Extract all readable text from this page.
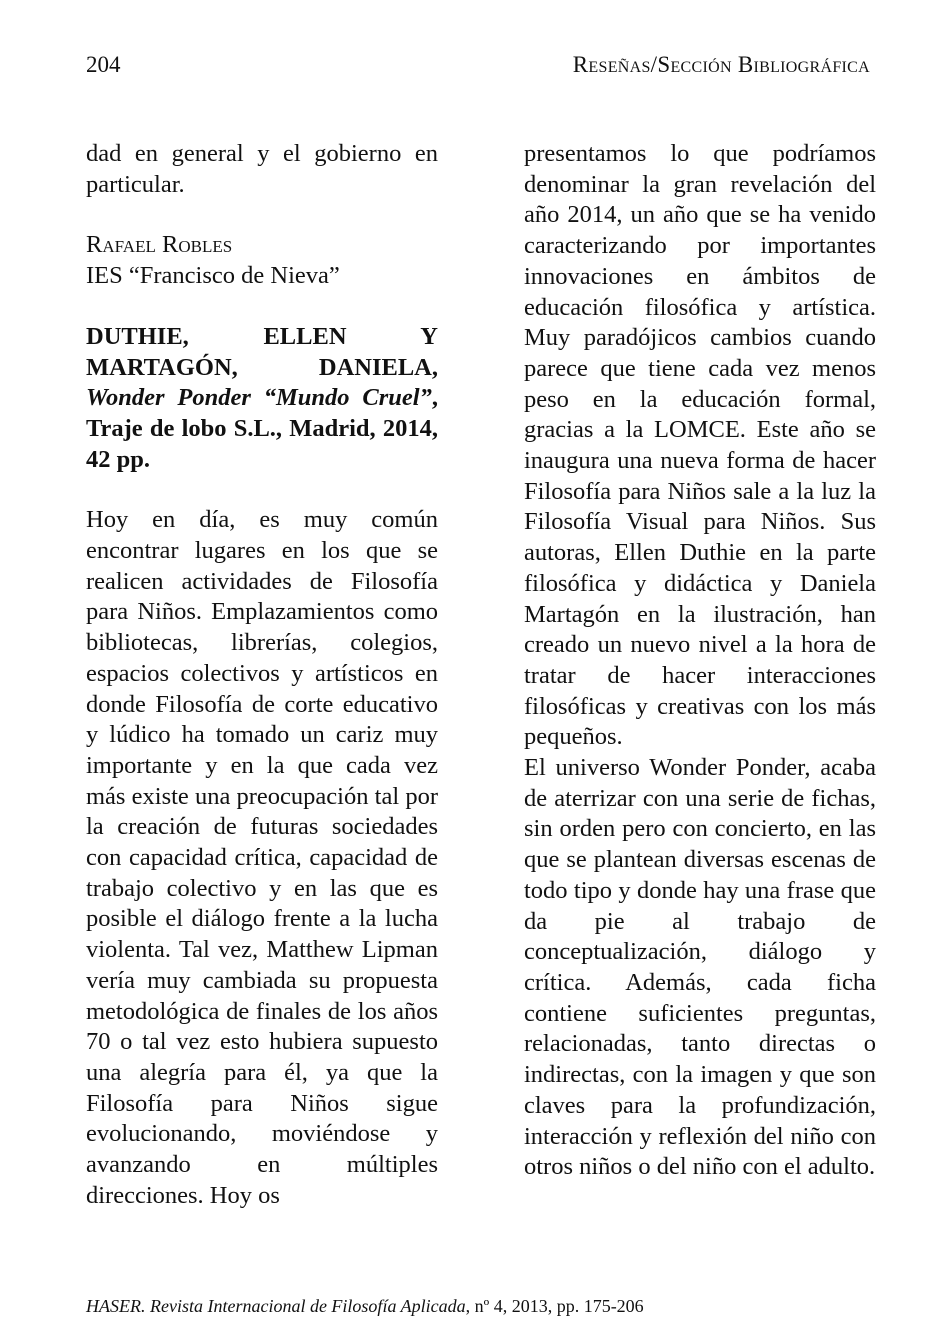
204	Reseñas/Sección Bibliográfica

dad en general y el gobierno en particular.

Rafael Robles

IES “Francisco de Nieva”

DUTHIE, ELLEN Y MARTAGÓN, DANIELA, Wonder Ponder “Mundo Cruel”, Traje de lobo S.L., Madrid, 2014, 42 pp.

Hoy en día, es muy común encontrar lugares en los que se realicen actividades de Filosofía para Niños. Emplazamientos como bibliotecas, librerías, colegios, espacios colectivos y artísticos en donde Filosofía de corte educativo y lúdico ha tomado un cariz muy importante y en la que cada vez más existe una preocupación tal por la creación de futuras sociedades con capacidad crítica, capacidad de trabajo colectivo y en las que es posible el diálogo frente a la lucha violenta. Tal vez, Matthew Lipman vería muy cambiada su propuesta metodológica de finales de los años 70 o tal vez esto hubiera supuesto una alegría para él, ya que la Filosofía para Niños sigue evolucionando, moviéndose y avanzando en múltiples direcciones. Hoy os

presentamos lo que podríamos denominar la gran revelación del año 2014, un año que se ha venido caracterizando por importantes innovaciones en ámbitos de educación filosófica y artística. Muy paradójicos cambios cuando parece que tiene cada vez menos peso en la educación formal, gracias a la LOMCE. Este año se inaugura una nueva forma de hacer Filosofía para Niños sale a la luz la Filosofía Visual para Niños. Sus autoras, Ellen Duthie en la parte filosófica y didáctica y Daniela Martagón en la ilustración, han creado un nuevo nivel a la hora de tratar de hacer interacciones filosóficas y creativas con los más pequeños.

El universo Wonder Ponder, acaba de aterrizar con una serie de fichas, sin orden pero con concierto, en las que se plantean diversas escenas de todo tipo y donde hay una frase que da pie al trabajo de conceptualización, diálogo y crítica. Además, cada ficha contiene suficientes preguntas, relacionadas, tanto directas o indirectas, con la imagen y que son claves para la profundización, interacción y reflexión del niño con otros niños o del niño con el adulto.

HASER. Revista Internacional de Filosofía Aplicada, nº 4, 2013, pp. 175-206
